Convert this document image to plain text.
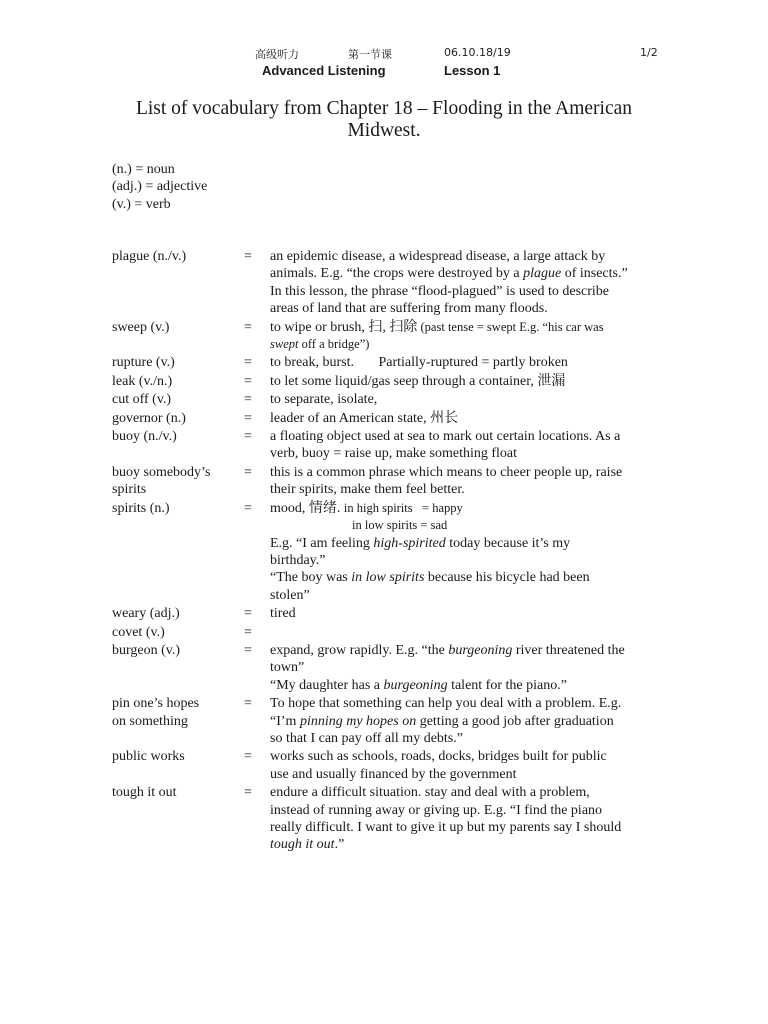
高级听力	第一节课	06.10.18/19	1/2
Advanced Listening	Lesson 1
List of vocabulary from Chapter 18 – Flooding in the American
Midwest.
(n.) = noun
(adj.) = adjective
(v.) = verb
plague (n./v.)	=	an epidemic disease, a widespread disease, a large attack by
animals. E.g. “the crops were destroyed by a plague of insects.”
In this lesson, the phrase “flood-plagued” is used to describe
areas of land that are suffering from many floods.
sweep (v.)	=	to wipe or brush, 扫, 扫除 (past tense = swept E.g. “his car was
swept off a bridge”)
rupture (v.)	=	to break, burst.       Partially-ruptured = partly broken
leak (v./n.)	=	to let some liquid/gas seep through a container, 泄漏
cut off (v.)	=	to separate, isolate,
governor (n.)	=	leader of an American state, 州长
buoy (n./v.)	=	a floating object used at sea to mark out certain locations. As a
verb, buoy = raise up, make something float
buoy somebody’s
spirits
=	this is a common phrase which means to cheer people up, raise
their spirits, make them feel better.
spirits (n.)	=	mood, 情绪. in high spirits   = happy
in low spirits = sad
E.g. “I am feeling high-spirited today because it’s my
birthday.”
“The boy was in low spirits because his bicycle had been
stolen”
weary (adj.)	=	tired
covet (v.)	=
burgeon (v.)	=	expand, grow rapidly. E.g. “the burgeoning river threatened the
town”
“My daughter has a burgeoning talent for the piano.”
pin one’s hopes
on something
=	To hope that something can help you deal with a problem. E.g.
“I’m pinning my hopes on getting a good job after graduation
so that I can pay off all my debts.”
public works	=	works such as schools, roads, docks, bridges built for public
use and usually financed by the government
tough it out	=	endure a difficult situation. stay and deal with a problem,
instead of running away or giving up. E.g. “I find the piano
really difficult. I want to give it up but my parents say I should
tough it out.”
